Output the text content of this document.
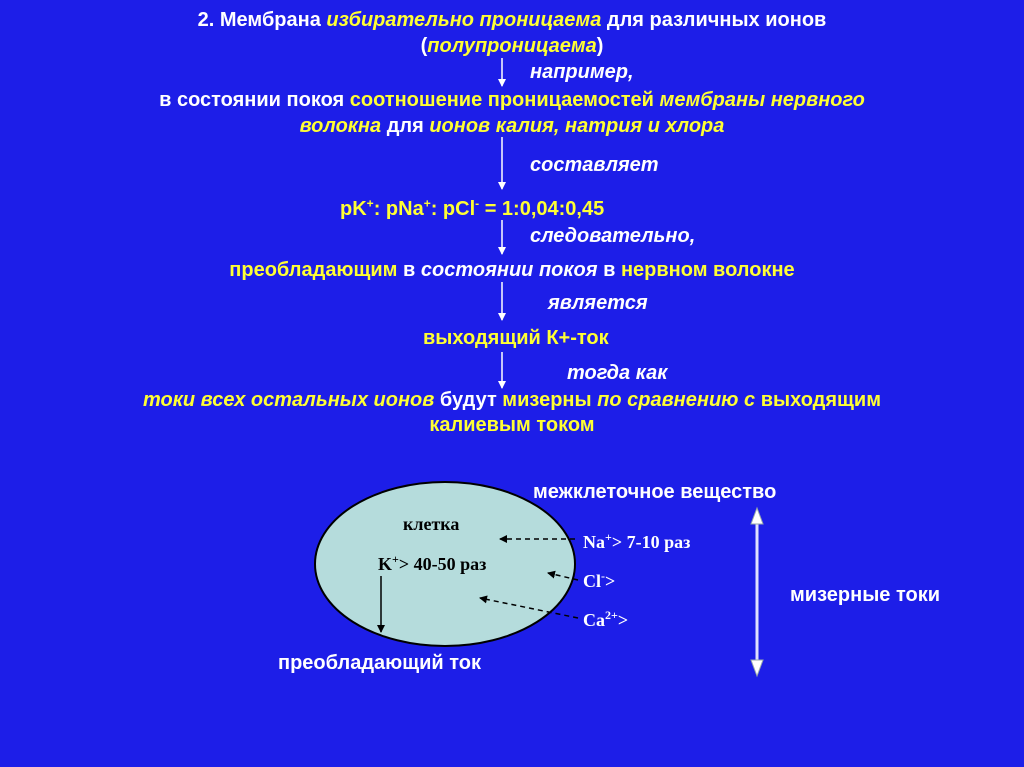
2. Мембрана избирательно проницаема для различных ионов
(полупроницаема)
например,
в состоянии покоя соотношение проницаемостей мембраны нервного
волокна для ионов калия, натрия и хлора
составляет
pK+: pNa+: pCl- = 1:0,04:0,45
следовательно,
преобладающим в состоянии покоя в нервном волокне
является
выходящий К+-ток
тогда как
токи всех остальных ионов будут мизерны по сравнению с выходящим
калиевым током
межклеточное вещество
клетка
K+> 40-50 раз
Na+> 7-10 раз
Cl->
$Ca^{2+}>$
мизерные токи
преобладающий ток
